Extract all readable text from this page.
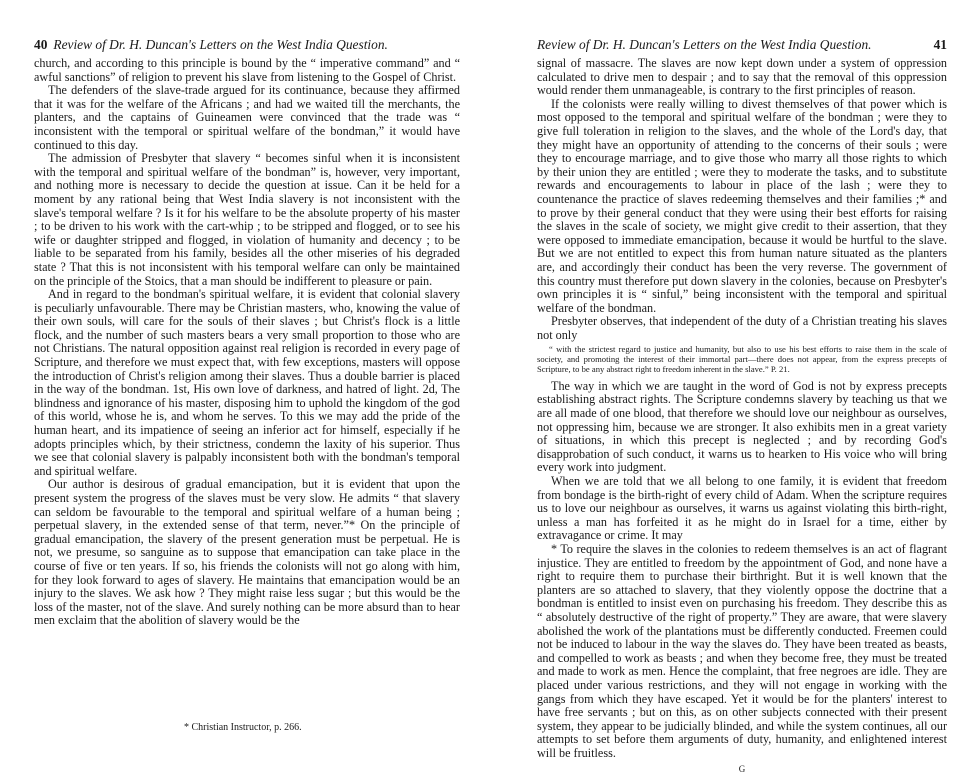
40 Review of Dr. H. Duncan's Letters on the West India Question.

church, and according to this principle is bound by the “ imperative command” and “ awful sanctions” of religion to prevent his slave from listening to the Gospel of Christ.

The defenders of the slave-trade argued for its continuance, because they affirmed that it was for the welfare of the Africans ; and had we waited till the merchants, the planters, and the captains of Guineamen were convinced that the trade was “ inconsistent with the temporal or spiritual welfare of the bondman,” it would have continued to this day.

The admission of Presbyter that slavery “ becomes sinful when it is inconsistent with the temporal and spiritual welfare of the bondman” is, however, very important, and nothing more is necessary to decide the question at issue. Can it be held for a moment by any rational being that West India slavery is not inconsistent with the slave's temporal welfare ? Is it for his welfare to be the absolute property of his master ; to be driven to his work with the cart-whip ; to be stripped and flogged, or to see his wife or daughter stripped and flogged, in violation of humanity and decency ; to be liable to be separated from his family, besides all the other miseries of his degraded state ? That this is not inconsistent with his temporal welfare can only be maintained on the principle of the Stoics, that a man should be indifferent to pleasure or pain.

And in regard to the bondman's spiritual welfare, it is evident that colonial slavery is peculiarly unfavourable. There may be Christian masters, who, knowing the value of their own souls, will care for the souls of their slaves ; but Christ's flock is a little flock, and the number of such masters bears a very small proportion to those who are not Christians. The natural opposition against real religion is recorded in every page of Scripture, and therefore we must expect that, with few exceptions, masters will oppose the introduction of Christ's religion among their slaves. Thus a double barrier is placed in the way of the bondman. 1st, His own love of darkness, and hatred of light. 2d, The blindness and ignorance of his master, disposing him to uphold the kingdom of the god of this world, whose he is, and whom he serves. To this we may add the pride of the human heart, and its impatience of seeing an inferior act for himself, especially if he adopts principles which, by their strictness, condemn the laxity of his superior. Thus we see that colonial slavery is palpably inconsistent both with the bondman's temporal and spiritual welfare.

Our author is desirous of gradual emancipation, but it is evident that upon the present system the progress of the slaves must be very slow. He admits “ that slavery can seldom be favourable to the temporal and spiritual welfare of a human being ; perpetual slavery, in the extended sense of that term, never.”* On the principle of gradual emancipation, the slavery of the present generation must be perpetual. He is not, we presume, so sanguine as to suppose that emancipation can take place in the course of five or ten years. If so, his friends the colonists will not go along with him, for they look forward to ages of slavery. He maintains that emancipation would be an injury to the slaves. We ask how ? They might raise less sugar ; but this would be the loss of the master, not of the slave. And surely nothing can be more absurd than to hear men exclaim that the abolition of slavery would be the

* Christian Instructor, p. 266.
Review of Dr. H. Duncan's Letters on the West India Question.	41

signal of massacre. The slaves are now kept down under a system of oppression calculated to drive men to despair ; and to say that the removal of this oppression would render them unmanageable, is contrary to the first principles of reason.

If the colonists were really willing to divest themselves of that power which is most opposed to the temporal and spiritual welfare of the bondman ; were they to give full toleration in religion to the slaves, and the whole of the Lord's day, that they might have an opportunity of attending to the concerns of their souls ; were they to encourage marriage, and to give those who marry all those rights to which by their union they are entitled ; were they to moderate the tasks, and to substitute rewards and encouragements to labour in place of the lash ; were they to countenance the practice of slaves redeeming themselves and their families ;* and to prove by their general conduct that they were using their best efforts for raising the slaves in the scale of society, we might give credit to their assertion, that they were opposed to immediate emancipation, because it would be hurtful to the slave. But we are not entitled to expect this from human nature situated as the planters are, and accordingly their conduct has been the very reverse. The government of this country must therefore put down slavery in the colonies, because on Presbyter's own principles it is “ sinful,” being inconsistent with the temporal and spiritual welfare of the bondman.

Presbyter observes, that independent of the duty of a Christian treating his slaves not only

“ with the strictest regard to justice and humanity, but also to use his best efforts to raise them in the scale of society, and promoting the interest of their immortal part—there does not appear, from the express precepts of Scripture, to be any abstract right to freedom inherent in the slave.” P. 21.

The way in which we are taught in the word of God is not by express precepts establishing abstract rights. The Scripture condemns slavery by teaching us that we are all made of one blood, that therefore we should love our neighbour as ourselves, not oppressing him, because we are stronger. It also exhibits men in a great variety of situations, in which this precept is neglected ; and by recording God's disapprobation of such conduct, it warns us to hearken to His voice who will bring every work into judgment.

When we are told that we all belong to one family, it is evident that freedom from bondage is the birth-right of every child of Adam. When the scripture requires us to love our neighbour as ourselves, it warns us against violating this birth-right, unless a man has forfeited it as he might do in Israel for a time, either by extravagance or crime. It may

* To require the slaves in the colonies to redeem themselves is an act of flagrant injustice. They are entitled to freedom by the appointment of God, and none have a right to require them to purchase their birthright. But it is well known that the planters are so attached to slavery, that they violently oppose the doctrine that a bondman is entitled to insist even on purchasing his freedom. They describe this as “ absolutely destructive of the right of property.” They are aware, that were slavery abolished the work of the plantations must be differently conducted. Freemen could not be induced to labour in the way the slaves do. They have been treated as beasts, and compelled to work as beasts ; and when they become free, they must be treated and made to work as men. Hence the complaint, that free negroes are idle. They are placed under various restrictions, and they will not engage in working with the gangs from which they have escaped. Yet it would be for the planters' interest to have free servants ; but on this, as on other subjects connected with their present system, they appear to be judicially blinded, and while the system continues, all our attempts to set before them arguments of duty, humanity, and enlightened interest will be fruitless.

G
